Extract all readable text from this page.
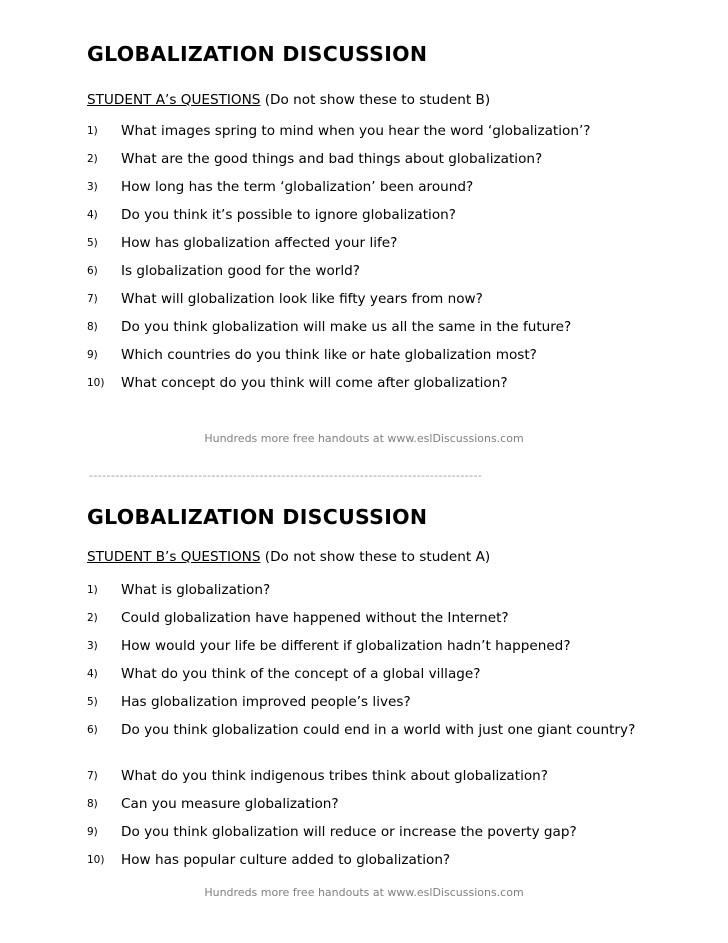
GLOBALIZATION DISCUSSION
STUDENT A’s QUESTIONS (Do not show these to student B)
1) What images spring to mind when you hear the word ‘globalization’?
2) What are the good things and bad things about globalization?
3) How long has the term ‘globalization’ been around?
4) Do you think it’s possible to ignore globalization?
5) How has globalization affected your life?
6) Is globalization good for the world?
7) What will globalization look like fifty years from now?
8) Do you think globalization will make us all the same in the future?
9) Which countries do you think like or hate globalization most?
10) What concept do you think will come after globalization?
Hundreds more free handouts at www.eslDiscussions.com
------------------------------------------------------------------------------------------
GLOBALIZATION DISCUSSION
STUDENT B’s QUESTIONS (Do not show these to student A)
1) What is globalization?
2) Could globalization have happened without the Internet?
3) How would your life be different if globalization hadn’t happened?
4) What do you think of the concept of a global village?
5) Has globalization improved people’s lives?
6) Do you think globalization could end in a world with just one giant country?
7) What do you think indigenous tribes think about globalization?
8) Can you measure globalization?
9) Do you think globalization will reduce or increase the poverty gap?
10) How has popular culture added to globalization?
Hundreds more free handouts at www.eslDiscussions.com
